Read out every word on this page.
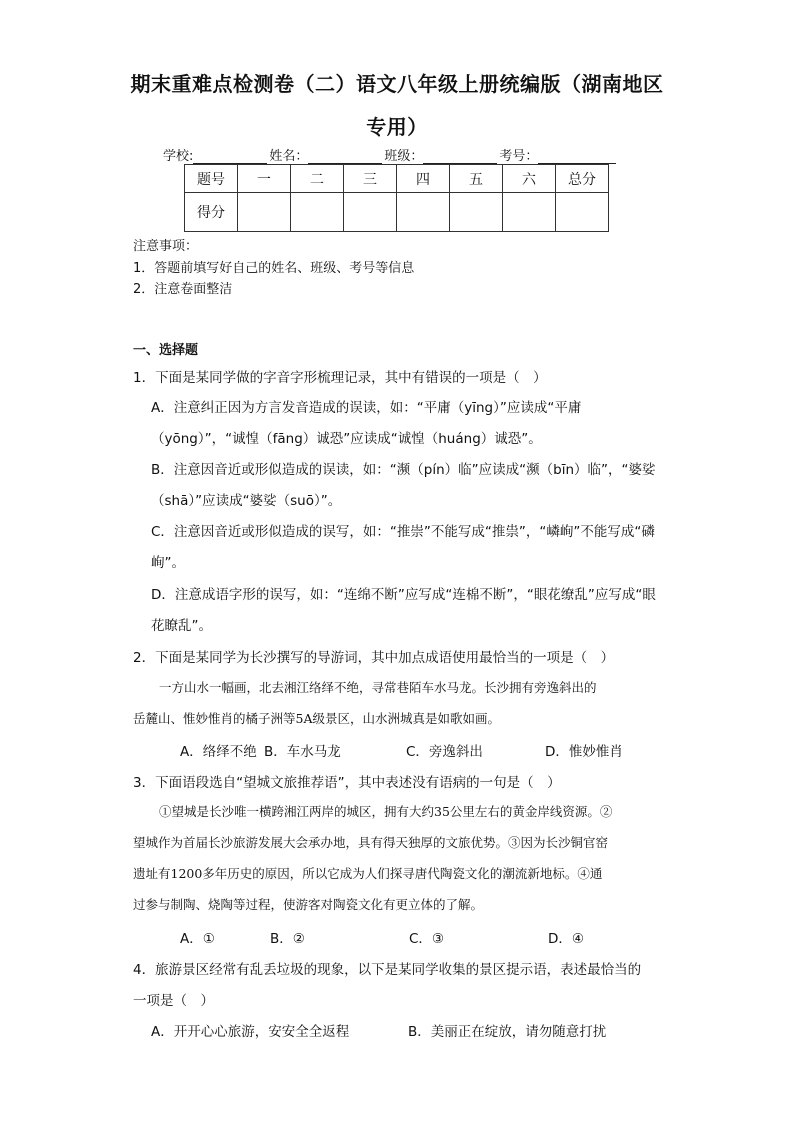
期末重难点检测卷（二）语文八年级上册统编版（湖南地区
专用）
学校:	姓名：	班级：	考号：
题号	一	二	三	四	五	六	总分
得分							
注意事项：
1．答题前填写好自己的姓名、班级、考号等信息
2．注意卷面整洁
一、选择题
1．下面是某同学做的字音字形梳理记录，其中有错误的一项是（　）
A．注意纠正因为方言发音造成的误读，如：“平庸（yīng）”应读成“平庸
（yōng）”，“诚惶（fāng）诚恐”应读成“诚惶（huáng）诚恐”。
B．注意因音近或形似造成的误读，如：“濒（pín）临”应读成“濒（bīn）临”，“婆娑
（shā）”应读成“婆娑（suō）”。
C．注意因音近或形似造成的误写，如：“推崇”不能写成“推祟”，“嶙峋”不能写成“磷
峋”。
D．注意成语字形的误写，如：“连绵不断”应写成“连棉不断”，“眼花缭乱”应写成“眼
花瞭乱”。
2．下面是某同学为长沙撰写的导游词，其中加点成语使用最恰当的一项是（　）
一方山水一幅画，北去湘江络绎不绝，寻常巷陌车水马龙。长沙拥有旁逸斜出的
岳麓山、惟妙惟肖的橘子洲等5A级景区，山水洲城真是如歌如画。
A．络绎不绝 B．车水马龙	C．旁逸斜出	D．惟妙惟肖
3．下面语段选自“望城文旅推荐语”，其中表述没有语病的一句是（　）
①望城是长沙唯一横跨湘江两岸的城区，拥有大约35公里左右的黄金岸线资源。②
望城作为首届长沙旅游发展大会承办地，具有得天独厚的文旅优势。③因为长沙铜官窑
遗址有1200多年历史的原因，所以它成为人们探寻唐代陶瓷文化的潮流新地标。④通
过参与制陶、烧陶等过程，使游客对陶瓷文化有更立体的了解。
A．①	B．②	C．③	D．④
4．旅游景区经常有乱丢垃圾的现象，以下是某同学收集的景区提示语，表述最恰当的
一项是（　）
A．开开心心旅游，安安全全返程	B．美丽正在绽放，请勿随意打扰
